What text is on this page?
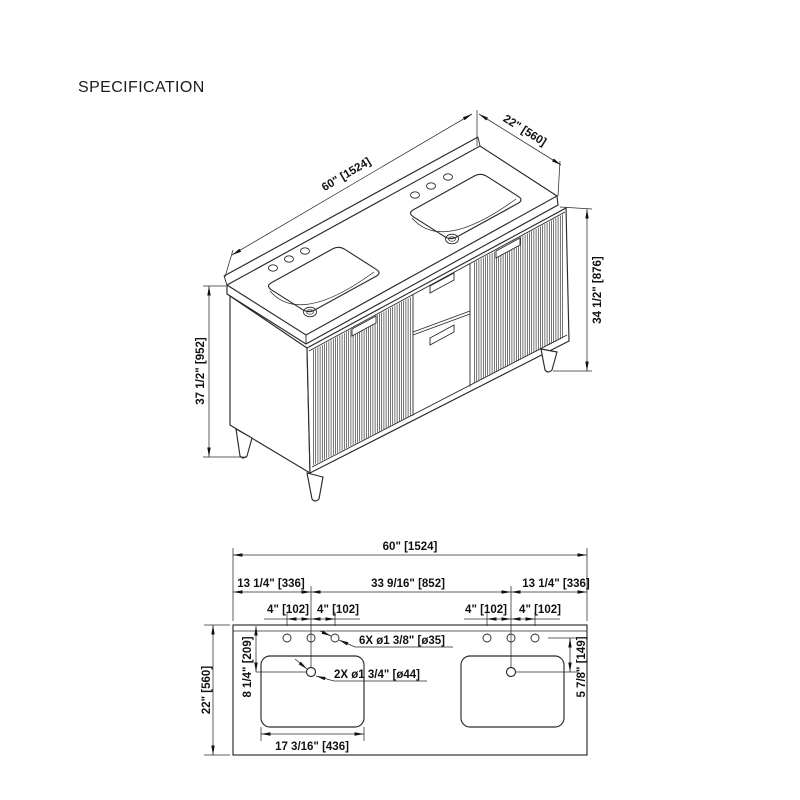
SPECIFICATION
60" [1524]
22" [560]
37 1/2" [952]
34 1/2" [876]
60" [1524]
13 1/4" [336]	33 9/16" [852]	13 1/4" [336]
4" [102] 4" [102]	4" [102] 4" [102]
6X ø1 3/8" [ø35]
2X ø1 3/4" [ø44]
22" [560]	8 1/4" [209]	5 7/8" [149]
17 3/16" [436]
